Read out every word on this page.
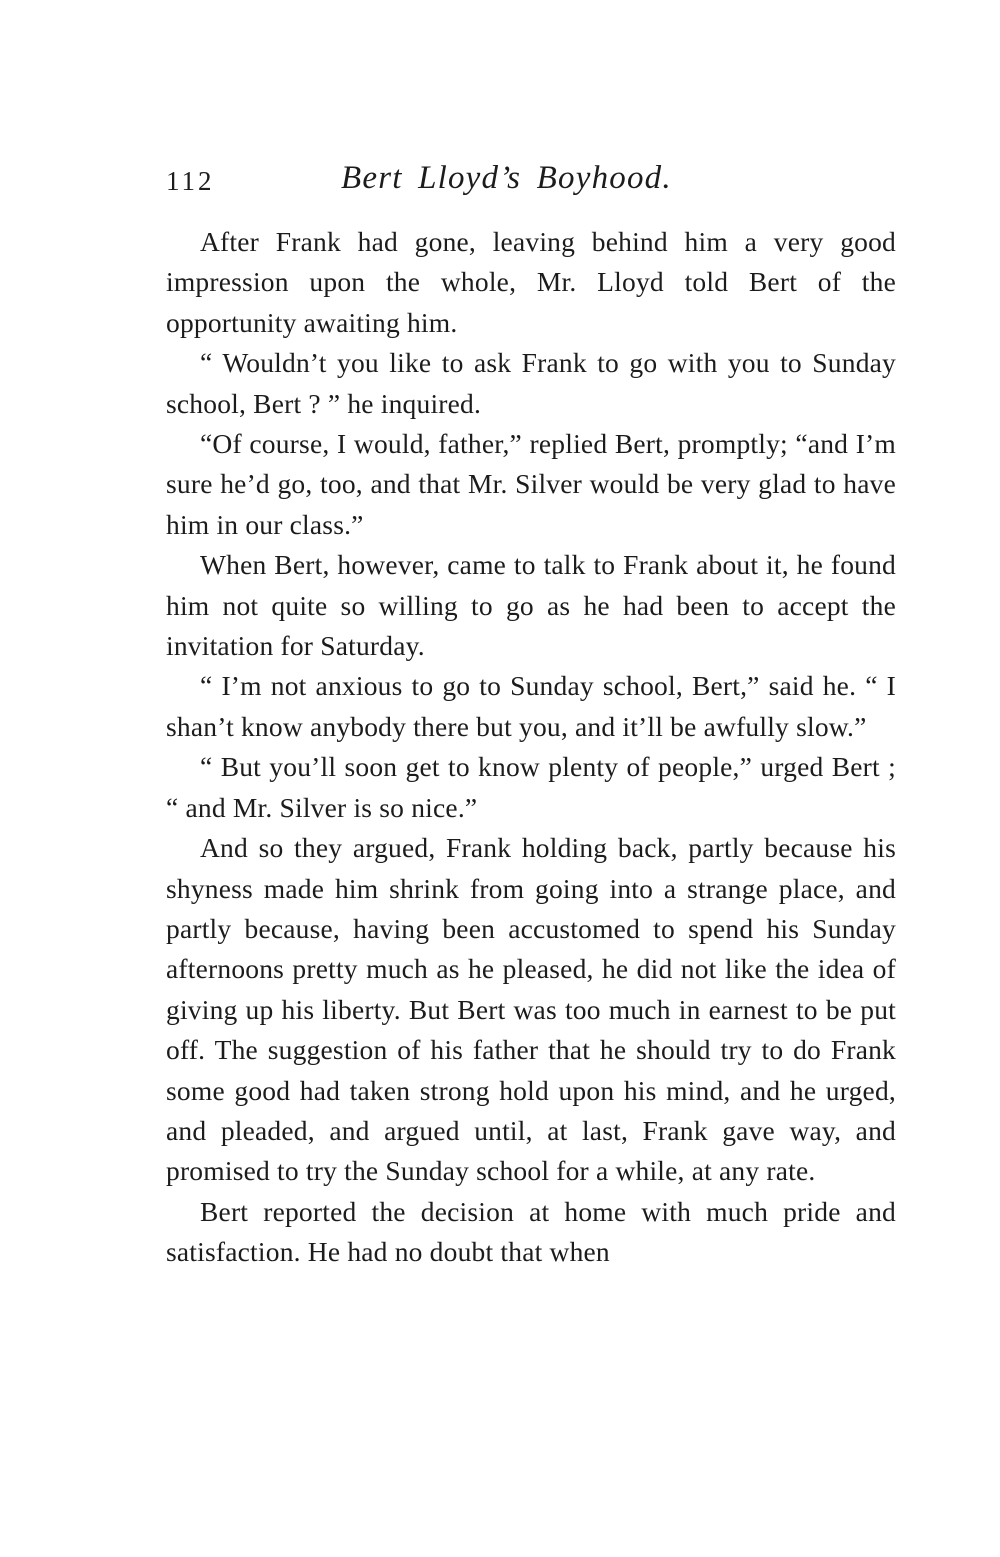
112	Bert Lloyd’s Boyhood.

After Frank had gone, leaving behind him a very good impression upon the whole, Mr. Lloyd told Bert of the opportunity awaiting him.

“ Wouldn’t you like to ask Frank to go with you to Sunday school, Bert ? ” he inquired.

“Of course, I would, father,” replied Bert, promptly; “and I’m sure he’d go, too, and that Mr. Silver would be very glad to have him in our class.”

When Bert, however, came to talk to Frank about it, he found him not quite so willing to go as he had been to accept the invitation for Saturday.

“ I’m not anxious to go to Sunday school, Bert,” said he. “ I shan’t know anybody there but you, and it’ll be awfully slow.”

“ But you’ll soon get to know plenty of people,” urged Bert ; “ and Mr. Silver is so nice.”

And so they argued, Frank holding back, partly because his shyness made him shrink from going into a strange place, and partly because, having been accustomed to spend his Sunday afternoons pretty much as he pleased, he did not like the idea of giving up his liberty. But Bert was too much in earnest to be put off. The suggestion of his father that he should try to do Frank some good had taken strong hold upon his mind, and he urged, and pleaded, and argued until, at last, Frank gave way, and promised to try the Sunday school for a while, at any rate.

Bert reported the decision at home with much pride and satisfaction. He had no doubt that when
